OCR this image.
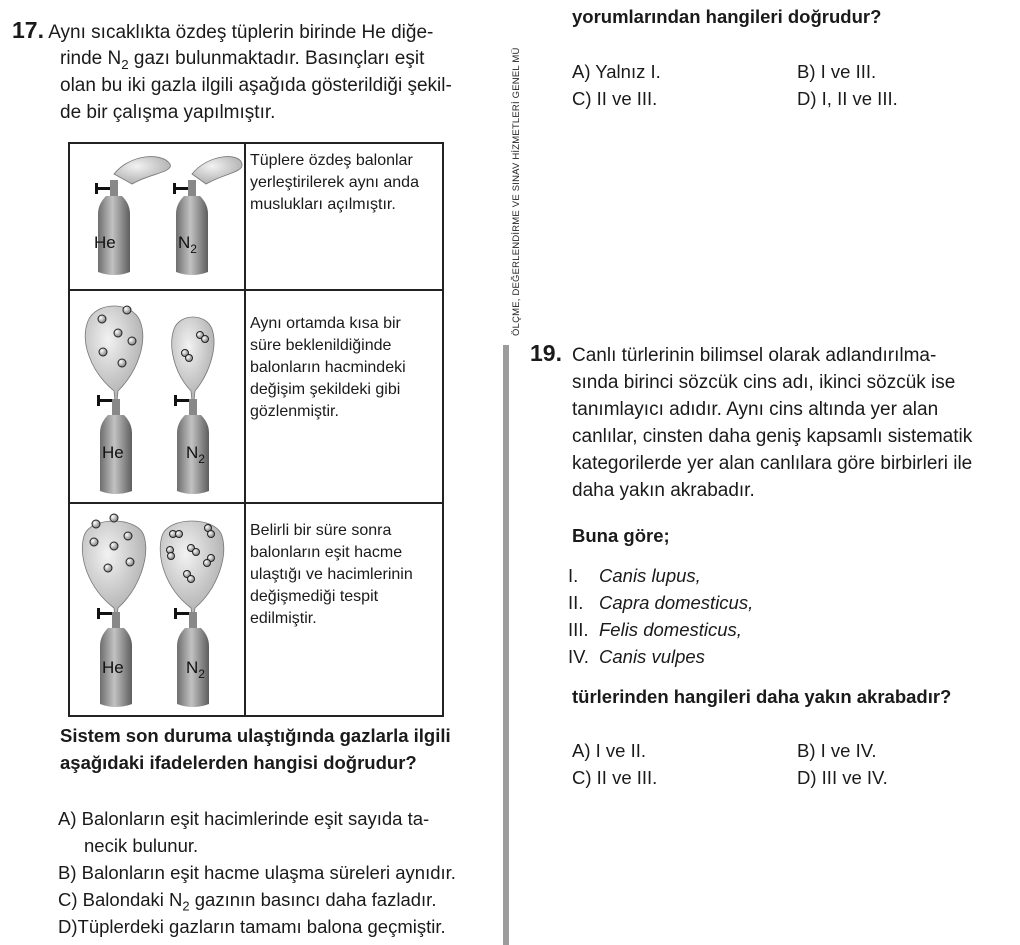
ÖLÇME, DEĞERLENDİRME VE SINAV HİZMETLERİ GENEL MÜ
17. Aynı sıcaklıkta özdeş tüplerin birinde He diğe-
rinde $N_2$ gazı bulunmaktadır. Basınçları eşit
olan bu iki gazla ilgili aşağıda gösterildiği şekil-
de bir çalışma yapılmıştır.
He $N_2$	Tüplere özdeş balonlar
yerleştirilerek aynı anda
muslukları açılmıştır.

He $N_2$	Aynı ortamda kısa bir
süre beklenildiğinde
balonların hacmindeki
değişim şekildeki gibi
gözlenmiştir.

He $N_2$	Belirli bir süre sonra
balonların eşit hacme
ulaştığı ve hacimlerinin
değişmediği tespit
edilmiştir.
Sistem son duruma ulaştığında gazlarla ilgili
aşağıdaki ifadelerden hangisi doğrudur?
A) Balonların eşit hacimlerinde eşit sayıda ta-
necik bulunur.
B) Balonların eşit hacme ulaşma süreleri aynıdır.
C) Balondaki $N_2$ gazının basıncı daha fazladır.
D)Tüplerdeki gazların tamamı balona geçmiştir.
yorumlarından hangileri doğrudur?
A) Yalnız I.	B) I ve III.
C) II ve III.	D) I, II ve III.
19. Canlı türlerinin bilimsel olarak adlandırılma-
sında birinci sözcük cins adı, ikinci sözcük ise
tanımlayıcı adıdır. Aynı cins altında yer alan
canlılar, cinsten daha geniş kapsamlı sistematik
kategorilerde yer alan canlılara göre birbirleri ile
daha yakın akrabadır.
Buna göre;
I. Canis lupus,
II. Capra domesticus,
III. Felis domesticus,
IV. Canis vulpes
türlerinden hangileri daha yakın akrabadır?
A) I ve II.	B) I ve IV.
C) II ve III.	D) III ve IV.
